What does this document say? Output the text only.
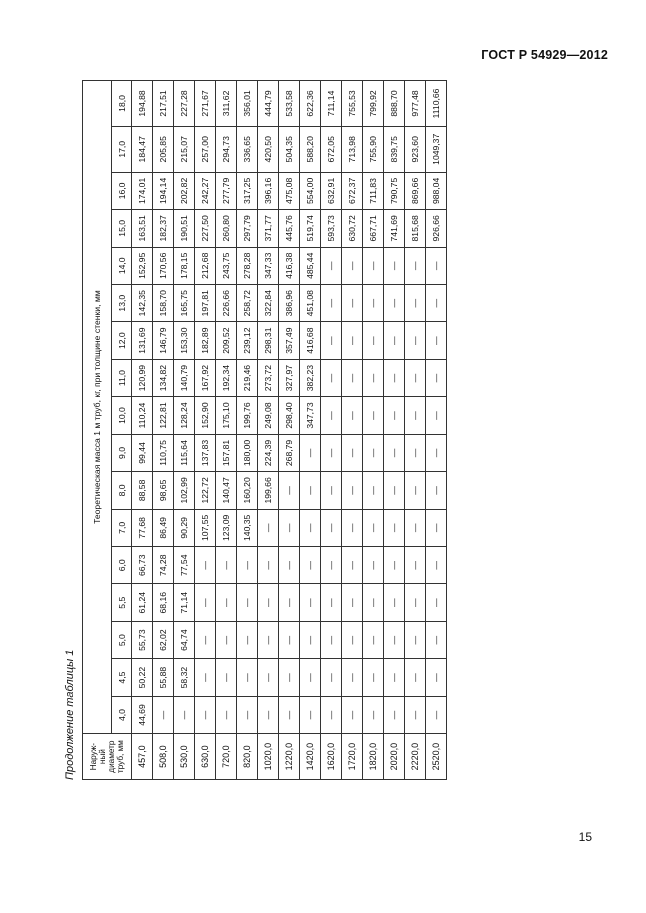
ГОСТ Р 54929—2012
Продолжение таблицы 1	Наруж-
ный
диаметр
труб, мм	Теоретическая масса 1 м труб, кг, при толщине стенки, мм																
	4,0	4,5	5,0	5,5	6,0	7,0	8,0	9,0	10,0	11,0	12,0	13,0	14,0	15,0	16,0	17,0	18,0
457,0	44,69	50,22	55,73	61,24	66,73	77,68	88,58	99,44	110,24	120,99	131,69	142,35	152,95	163,51	174,01	184,47	194,88
508,0	—	55,88	62,02	68,16	74,28	86,49	98,65	110,75	122,81	134,82	146,79	158,70	170,56	182,37	194,14	205,85	217,51
530,0	—	58,32	64,74	71,14	77,54	90,29	102,99	115,64	128,24	140,79	153,30	165,75	178,15	190,51	202,82	215,07	227,28
630,0	—	—	—	—	—	107,55	122,72	137,83	152,90	167,92	182,89	197,81	212,68	227,50	242,27	257,00	271,67
720,0	—	—	—	—	—	123,09	140,47	157,81	175,10	192,34	209,52	226,66	243,75	260,80	277,79	294,73	311,62
820,0	—	—	—	—	—	140,35	160,20	180,00	199,76	219,46	239,12	258,72	278,28	297,79	317,25	336,65	356,01
1020,0	—	—	—	—	—	—	199,66	224,39	249,08	273,72	298,31	322,84	347,33	371,77	396,16	420,50	444,79
1220,0	—	—	—	—	—	—	—	268,79	298,40	327,97	357,49	386,96	416,38	445,76	475,08	504,35	533,58
1420,0	—	—	—	—	—	—	—	—	347,73	382,23	416,68	451,08	485,44	519,74	554,00	588,20	622,36
1620,0	—	—	—	—	—	—	—	—	—	—	—	—	—	593,73	632,91	672,05	711,14
1720,0	—	—	—	—	—	—	—	—	—	—	—	—	—	630,72	672,37	713,98	755,53
1820,0	—	—	—	—	—	—	—	—	—	—	—	—	—	667,71	711,83	755,90	799,92
2020,0	—	—	—	—	—	—	—	—	—	—	—	—	—	741,69	790,75	839,75	888,70
2220,0	—	—	—	—	—	—	—	—	—	—	—	—	—	815,68	869,66	923,60	977,48
2520,0	—	—	—	—	—	—	—	—	—	—	—	—	—	926,66	988,04	1049,37	1110,66
15
